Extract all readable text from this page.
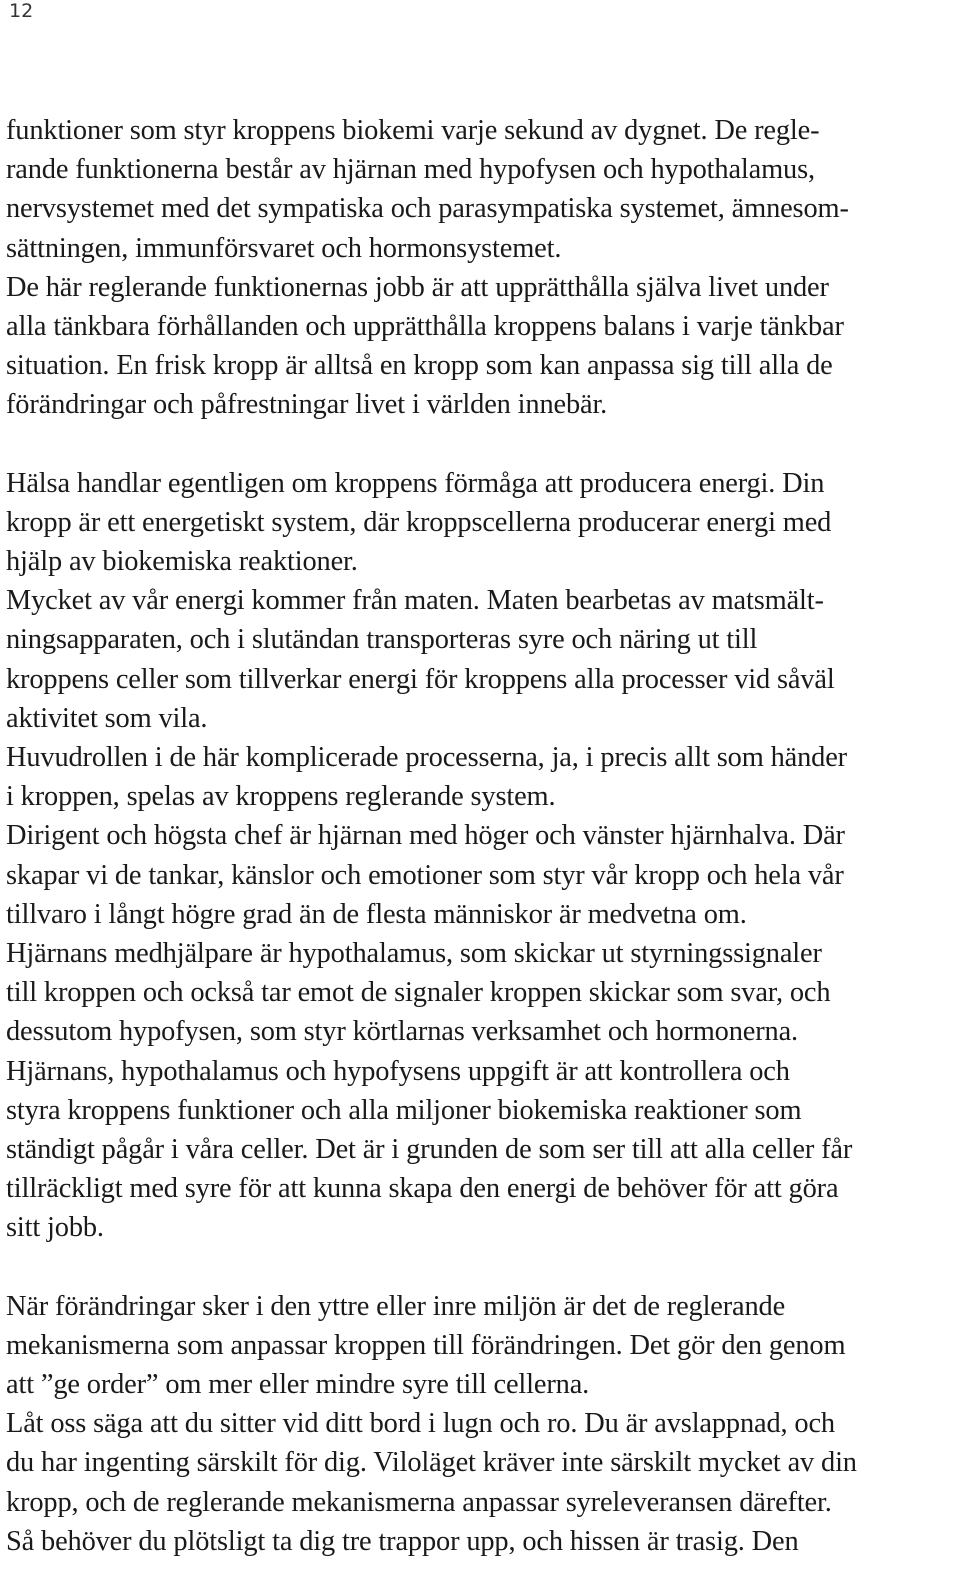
12
funktioner som styr kroppens biokemi varje sekund av dygnet. De regle-
rande funktionerna består av hjärnan med hypofysen och hypothalamus,
nervsystemet med det sympatiska och parasympatiska systemet, ämnesom-
sättningen, immunförsvaret och hormonsystemet.
De här reglerande funktionernas jobb är att upprätthålla själva livet under
alla tänkbara förhållanden och upprätthålla kroppens balans i varje tänkbar
situation. En frisk kropp är alltså en kropp som kan anpassa sig till alla de
förändringar och påfrestningar livet i världen innebär.
Hälsa handlar egentligen om kroppens förmåga att producera energi. Din
kropp är ett energetiskt system, där kroppscellerna producerar energi med
hjälp av biokemiska reaktioner.
Mycket av vår energi kommer från maten. Maten bearbetas av matsmält-
ningsapparaten, och i slutändan transporteras syre och näring ut till
kroppens celler som tillverkar energi för kroppens alla processer vid såväl
aktivitet som vila.
Huvudrollen i de här komplicerade processerna, ja, i precis allt som händer
i kroppen, spelas av kroppens reglerande system.
Dirigent och högsta chef är hjärnan med höger och vänster hjärnhalva. Där
skapar vi de tankar, känslor och emotioner som styr vår kropp och hela vår
tillvaro i långt högre grad än de flesta människor är medvetna om.
Hjärnans medhjälpare är hypothalamus, som skickar ut styrningssignaler
till kroppen och också tar emot de signaler kroppen skickar som svar, och
dessutom hypofysen, som styr körtlarnas verksamhet och hormonerna.
Hjärnans, hypothalamus och hypofysens uppgift är att kontrollera och
styra kroppens funktioner och alla miljoner biokemiska reaktioner som
ständigt pågår i våra celler. Det är i grunden de som ser till att alla celler får
tillräckligt med syre för att kunna skapa den energi de behöver för att göra
sitt jobb.
När förändringar sker i den yttre eller inre miljön är det de reglerande
mekanismerna som anpassar kroppen till förändringen. Det gör den genom
att ”ge order” om mer eller mindre syre till cellerna.
Låt oss säga att du sitter vid ditt bord i lugn och ro. Du är avslappnad, och
du har ingenting särskilt för dig. Viloläget kräver inte särskilt mycket av din
kropp, och de reglerande mekanismerna anpassar syreleveransen därefter.
Så behöver du plötsligt ta dig tre trappor upp, och hissen är trasig. Den
